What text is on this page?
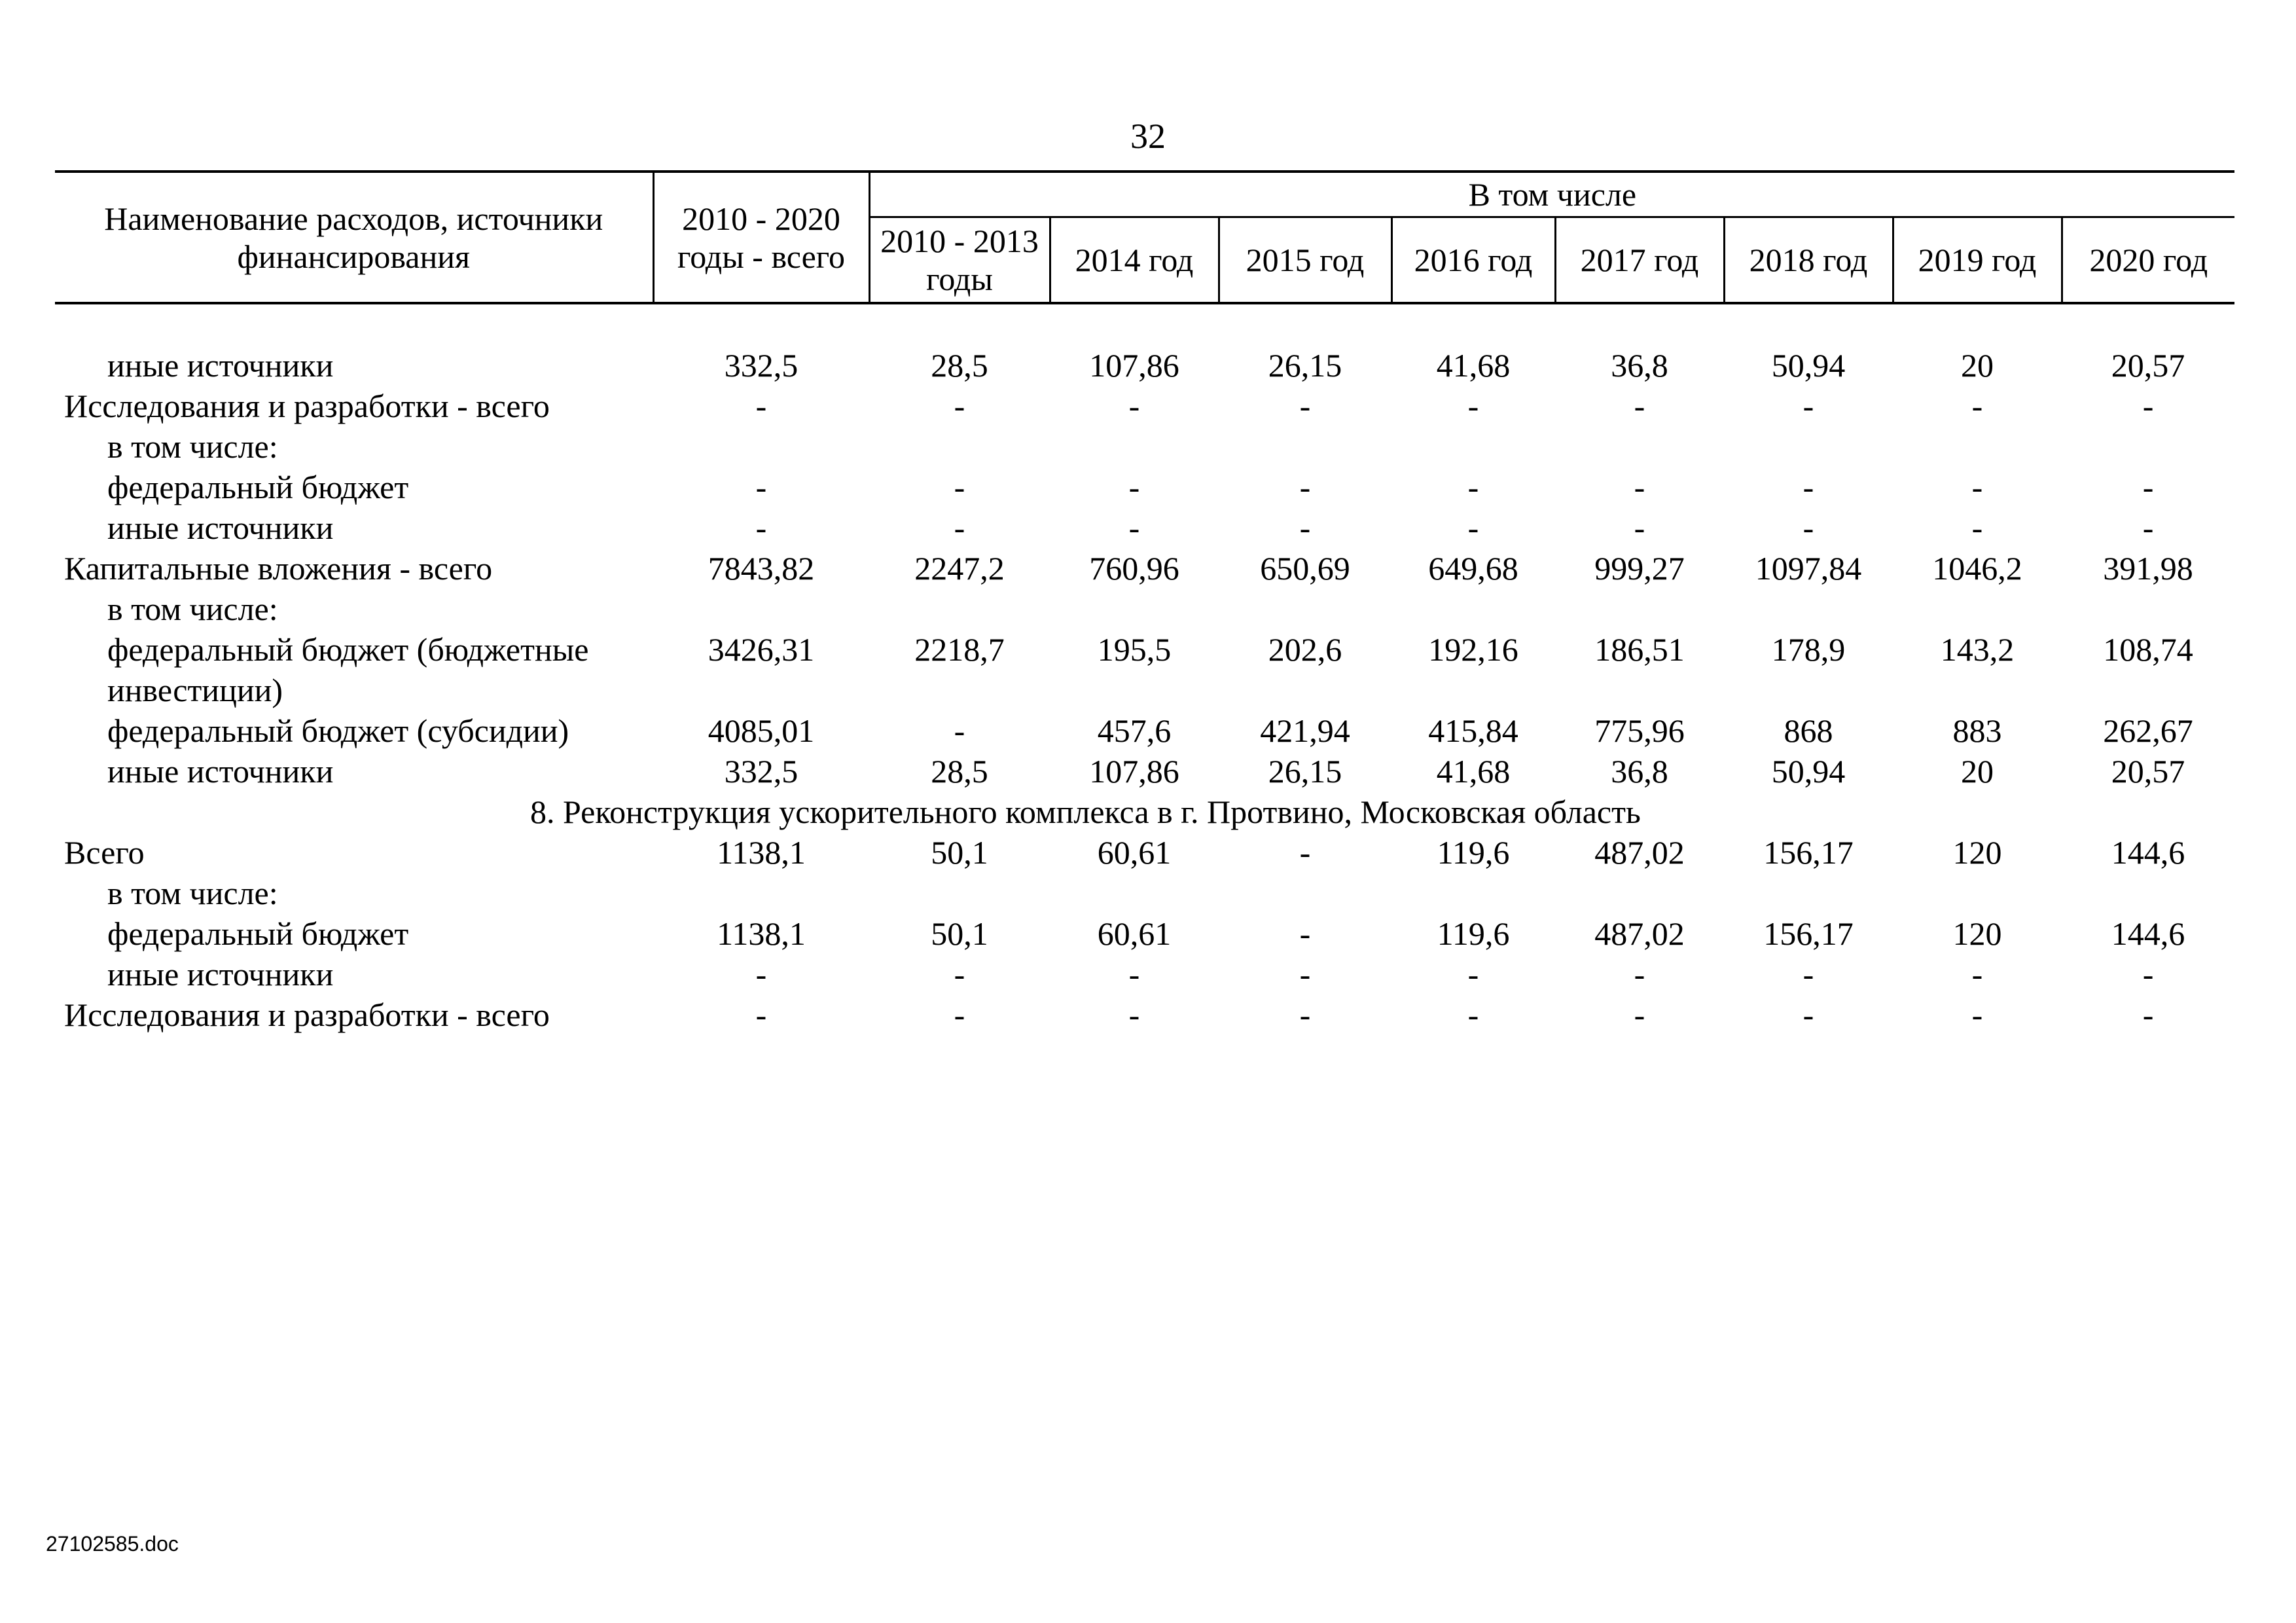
32
Наименование расходов, источники финансирования	2010 - 2020 годы - всего	В том числе							
		2010 - 2013 годы	2014 год	2015 год	2016 год	2017 год	2018 год	2019 год	2020 год

иные источники	332,5	28,5	107,86	26,15	41,68	36,8	50,94	20	20,57
Исследования и разработки - всего	-	-	-	-	-	-	-	-	-
в том числе:									
федеральный бюджет	-	-	-	-	-	-	-	-	-
иные источники	-	-	-	-	-	-	-	-	-
Капитальные вложения - всего	7843,82	2247,2	760,96	650,69	649,68	999,27	1097,84	1046,2	391,98
в том числе:									
федеральный бюджет (бюджетные инвестиции)	3426,31	2218,7	195,5	202,6	192,16	186,51	178,9	143,2	108,74
федеральный бюджет (субсидии)	4085,01	-	457,6	421,94	415,84	775,96	868	883	262,67
иные источники	332,5	28,5	107,86	26,15	41,68	36,8	50,94	20	20,57
8. Реконструкция ускорительного комплекса в г. Протвино, Московская область									
Всего	1138,1	50,1	60,61	-	119,6	487,02	156,17	120	144,6
в том числе:									
федеральный бюджет	1138,1	50,1	60,61	-	119,6	487,02	156,17	120	144,6
иные источники	-	-	-	-	-	-	-	-	-
Исследования и разработки - всего	-	-	-	-	-	-	-	-	-
27102585.doc
